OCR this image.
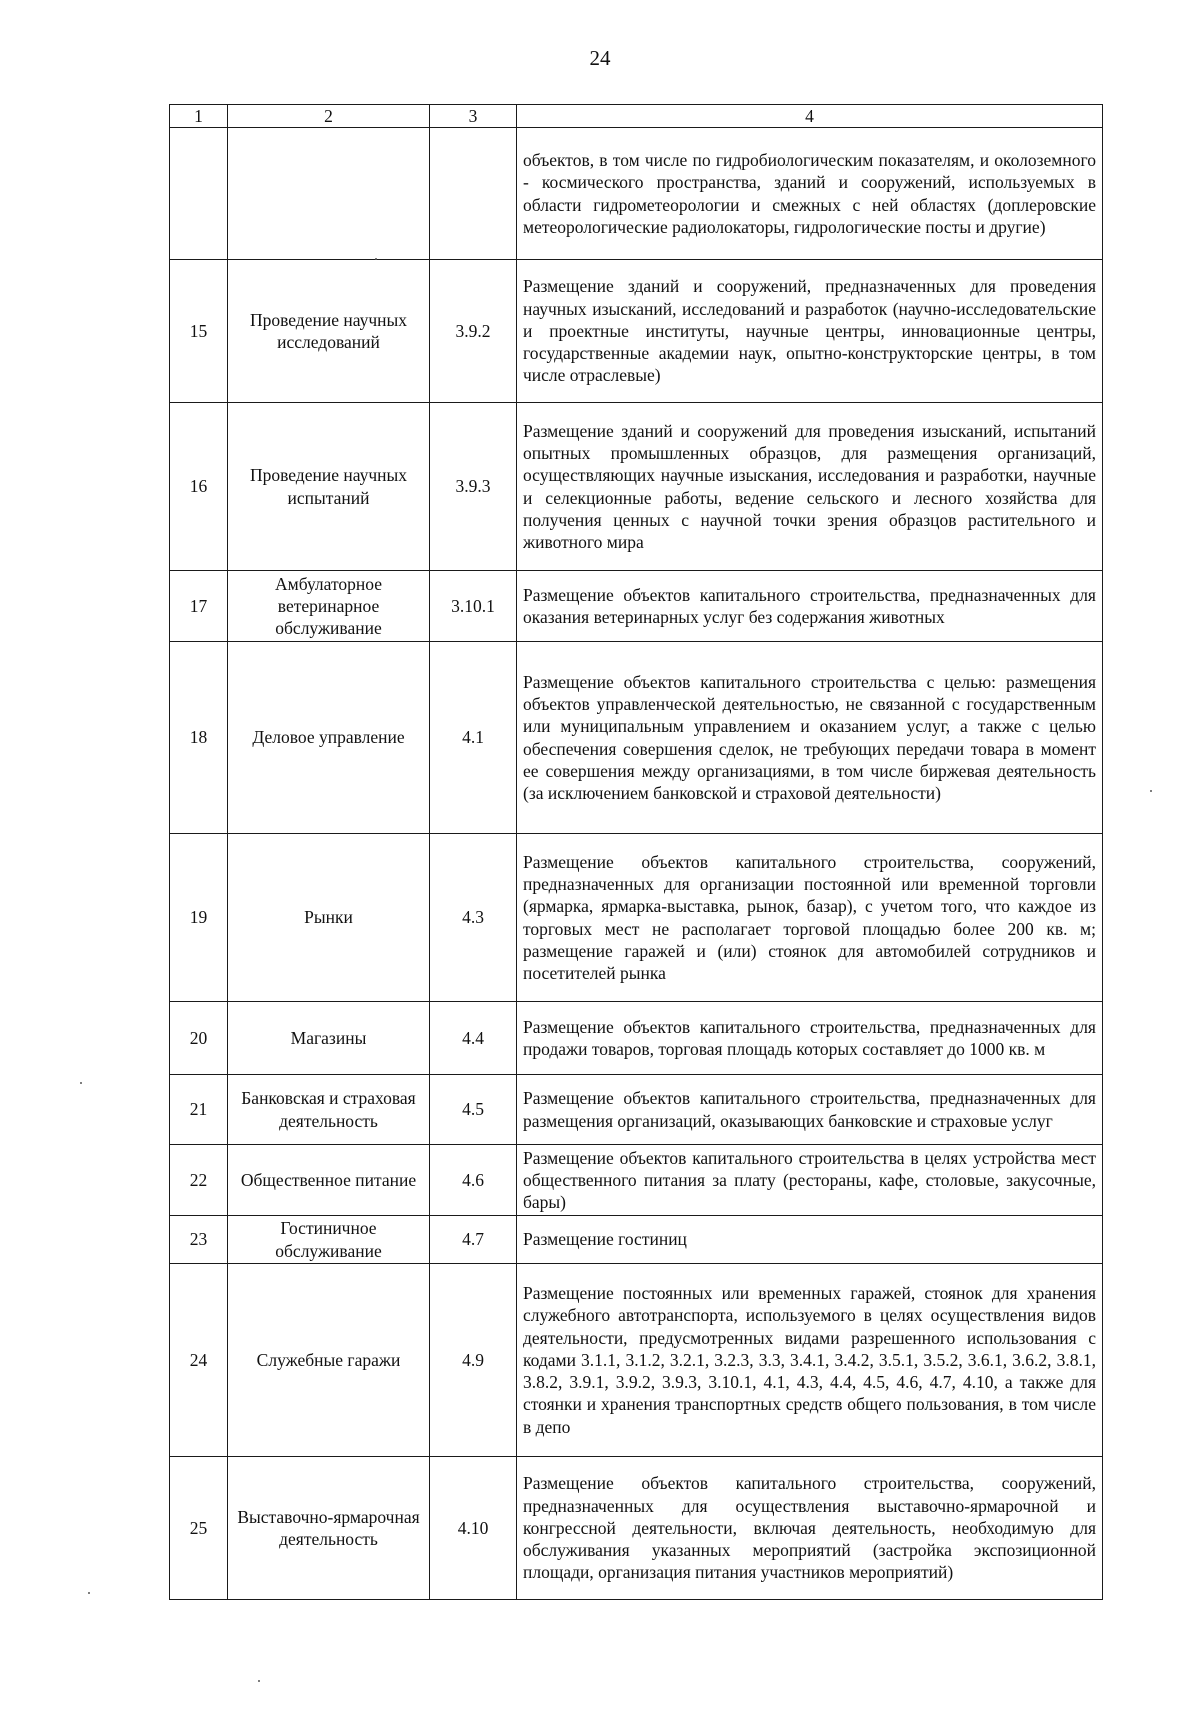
24
1	2	3	4
			объектов, в том числе по гидробиологическим показателям, и околоземного - космического пространства, зданий и сооружений, используемых в области гидрометеорологии и смежных с ней областях (доплеровские метеорологические радиолокаторы, гидрологические посты и другие)
15	Проведение научных исследований	3.9.2	Размещение зданий и сооружений, предназначенных для проведения научных изысканий, исследований и разработок (научно-исследовательские и проектные институты, научные центры, инновационные центры, государственные академии наук, опытно-конструкторские центры, в том числе отраслевые)
16	Проведение научных испытаний	3.9.3	Размещение зданий и сооружений для проведения изысканий, испытаний опытных промышленных образцов, для размещения организаций, осуществляющих научные изыскания, исследования и разработки, научные и селекционные работы, ведение сельского и лесного хозяйства для получения ценных с научной точки зрения образцов растительного и животного мира
17	Амбулаторное ветеринарное обслуживание	3.10.1	Размещение объектов капитального строительства, предназначенных для оказания ветеринарных услуг без содержания животных
18	Деловое управление	4.1	Размещение объектов капитального строительства с целью: размещения объектов управленческой деятельностью, не связанной с государственным или муниципальным управлением и оказанием услуг, а также с целью обеспечения совершения сделок, не требующих передачи товара в момент ее совершения между организациями, в том числе биржевая деятельность (за исключением банковской и страховой деятельности)
19	Рынки	4.3	Размещение объектов капитального строительства, сооружений, предназначенных для организации постоянной или временной торговли (ярмарка, ярмарка-выставка, рынок, базар), с учетом того, что каждое из торговых мест не располагает торговой площадью более 200 кв. м; размещение гаражей и (или) стоянок для автомобилей сотрудников и посетителей рынка
20	Магазины	4.4	Размещение объектов капитального строительства, предназначенных для продажи товаров, торговая площадь которых составляет до 1000 кв. м
21	Банковская и страховая деятельность	4.5	Размещение объектов капитального строительства, предназначенных для размещения организаций, оказывающих банковские и страховые услуг
22	Общественное питание	4.6	Размещение объектов капитального строительства в целях устройства мест общественного питания за плату (рестораны, кафе, столовые, закусочные, бары)
23	Гостиничное обслуживание	4.7	Размещение гостиниц
24	Служебные гаражи	4.9	Размещение постоянных или временных гаражей, стоянок для хранения служебного автотранспорта, используемого в целях осуществления видов деятельности, предусмотренных видами разрешенного использования с кодами 3.1.1, 3.1.2, 3.2.1, 3.2.3, 3.3, 3.4.1, 3.4.2, 3.5.1, 3.5.2, 3.6.1, 3.6.2, 3.8.1, 3.8.2, 3.9.1, 3.9.2, 3.9.3, 3.10.1, 4.1, 4.3, 4.4, 4.5, 4.6, 4.7, 4.10, а также для стоянки и хранения транспортных средств общего пользования, в том числе в депо
25	Выставочно-ярмарочная деятельность	4.10	Размещение объектов капитального строительства, сооружений, предназначенных для осуществления выставочно-ярмарочной и конгрессной деятельности, включая деятельность, необходимую для обслуживания указанных мероприятий (застройка экспозиционной площади, организация питания участников мероприятий)
